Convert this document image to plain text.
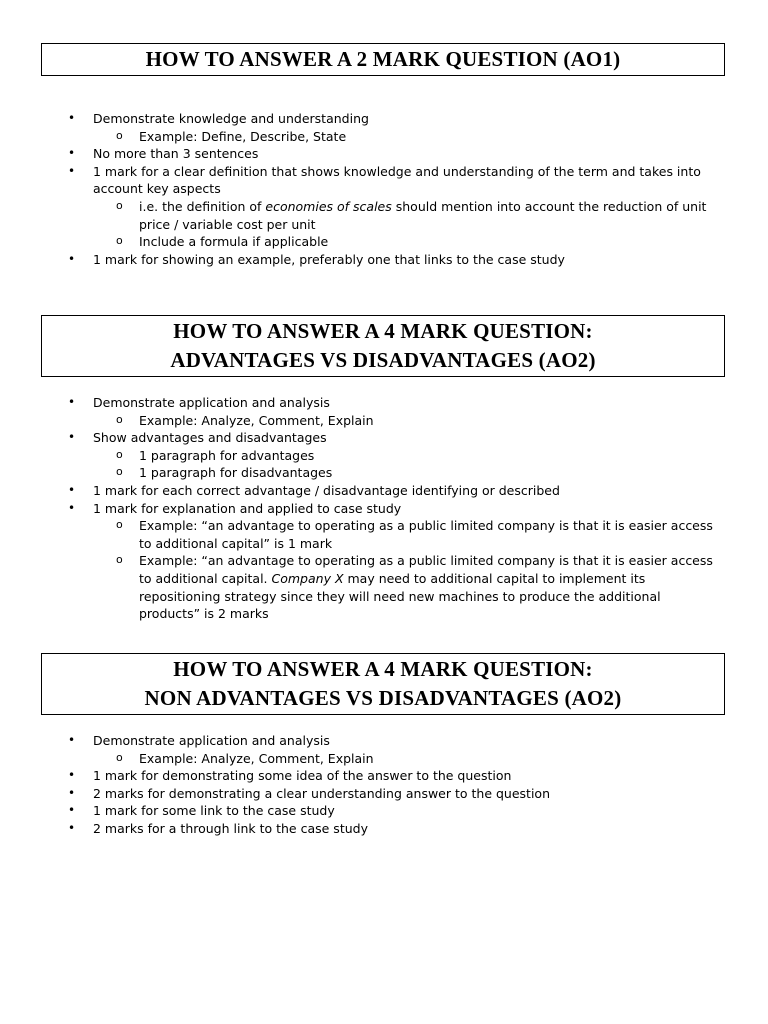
HOW TO ANSWER A 2 MARK QUESTION (AO1)
• Demonstrate knowledge and understanding
o Example: Define, Describe, State
• No more than 3 sentences
• 1 mark for a clear definition that shows knowledge and understanding of the term and takes into account key aspects
o i.e. the definition of economies of scales should mention into account the reduction of unit price / variable cost per unit
o Include a formula if applicable
• 1 mark for showing an example, preferably one that links to the case study
HOW TO ANSWER A 4 MARK QUESTION:
ADVANTAGES VS DISADVANTAGES (AO2)
• Demonstrate application and analysis
o Example: Analyze, Comment, Explain
• Show advantages and disadvantages
o 1 paragraph for advantages
o 1 paragraph for disadvantages
• 1 mark for each correct advantage / disadvantage identifying or described
• 1 mark for explanation and applied to case study
o Example: “an advantage to operating as a public limited company is that it is easier access to additional capital” is 1 mark
o Example: “an advantage to operating as a public limited company is that it is easier access to additional capital. Company X may need to additional capital to implement its repositioning strategy since they will need new machines to produce the additional products” is 2 marks
HOW TO ANSWER A 4 MARK QUESTION:
NON ADVANTAGES VS DISADVANTAGES (AO2)
• Demonstrate application and analysis
o Example: Analyze, Comment, Explain
• 1 mark for demonstrating some idea of the answer to the question
• 2 marks for demonstrating a clear understanding answer to the question
• 1 mark for some link to the case study
• 2 marks for a through link to the case study
